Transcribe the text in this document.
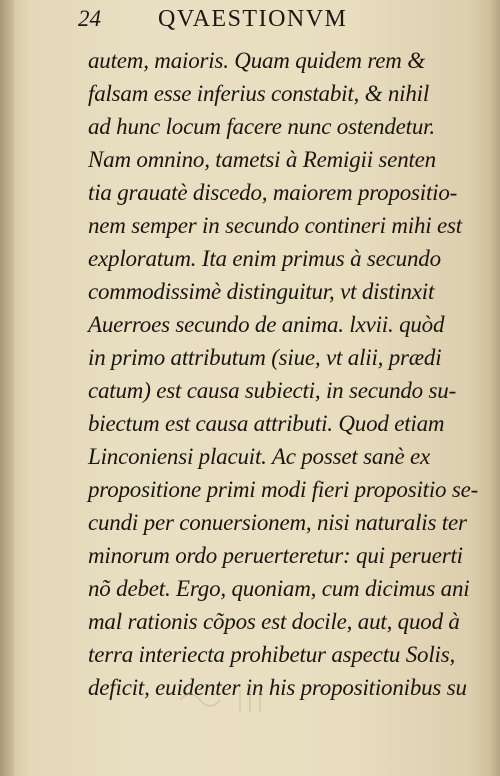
24 QVAESTIONVM
autem, maioris. Quam quidem rem &
falsam esse inferius constabit, & nihil
ad hunc locum facere nunc ostendetur.
Nam omnino, tametsi à Remigii senten
tia grauatè discedo, maiorem propositio-
nem semper in secundo contineri mihi est
exploratum. Ita enim primus à secundo
commodissimè distinguitur, vt distinxit
Auerroes secundo de anima. lxvii. quòd
in primo attributum (siue, vt alii, prædi
catum) est causa subiecti, in secundo su-
biectum est causa attributi. Quod etiam
Linconiensi placuit. Ac posset sanè ex
propositione primi modi fieri propositio se-
cundi per conuersionem, nisi naturalis ter
minorum ordo peruerteretur: qui peruerti
nõ debet. Ergo, quoniam, cum dicimus ani
mal rationis cõpos est docile, aut, quod à
terra interiecta prohibetur aspectu Solis,
deficit, euidenter in his propositionibus su
